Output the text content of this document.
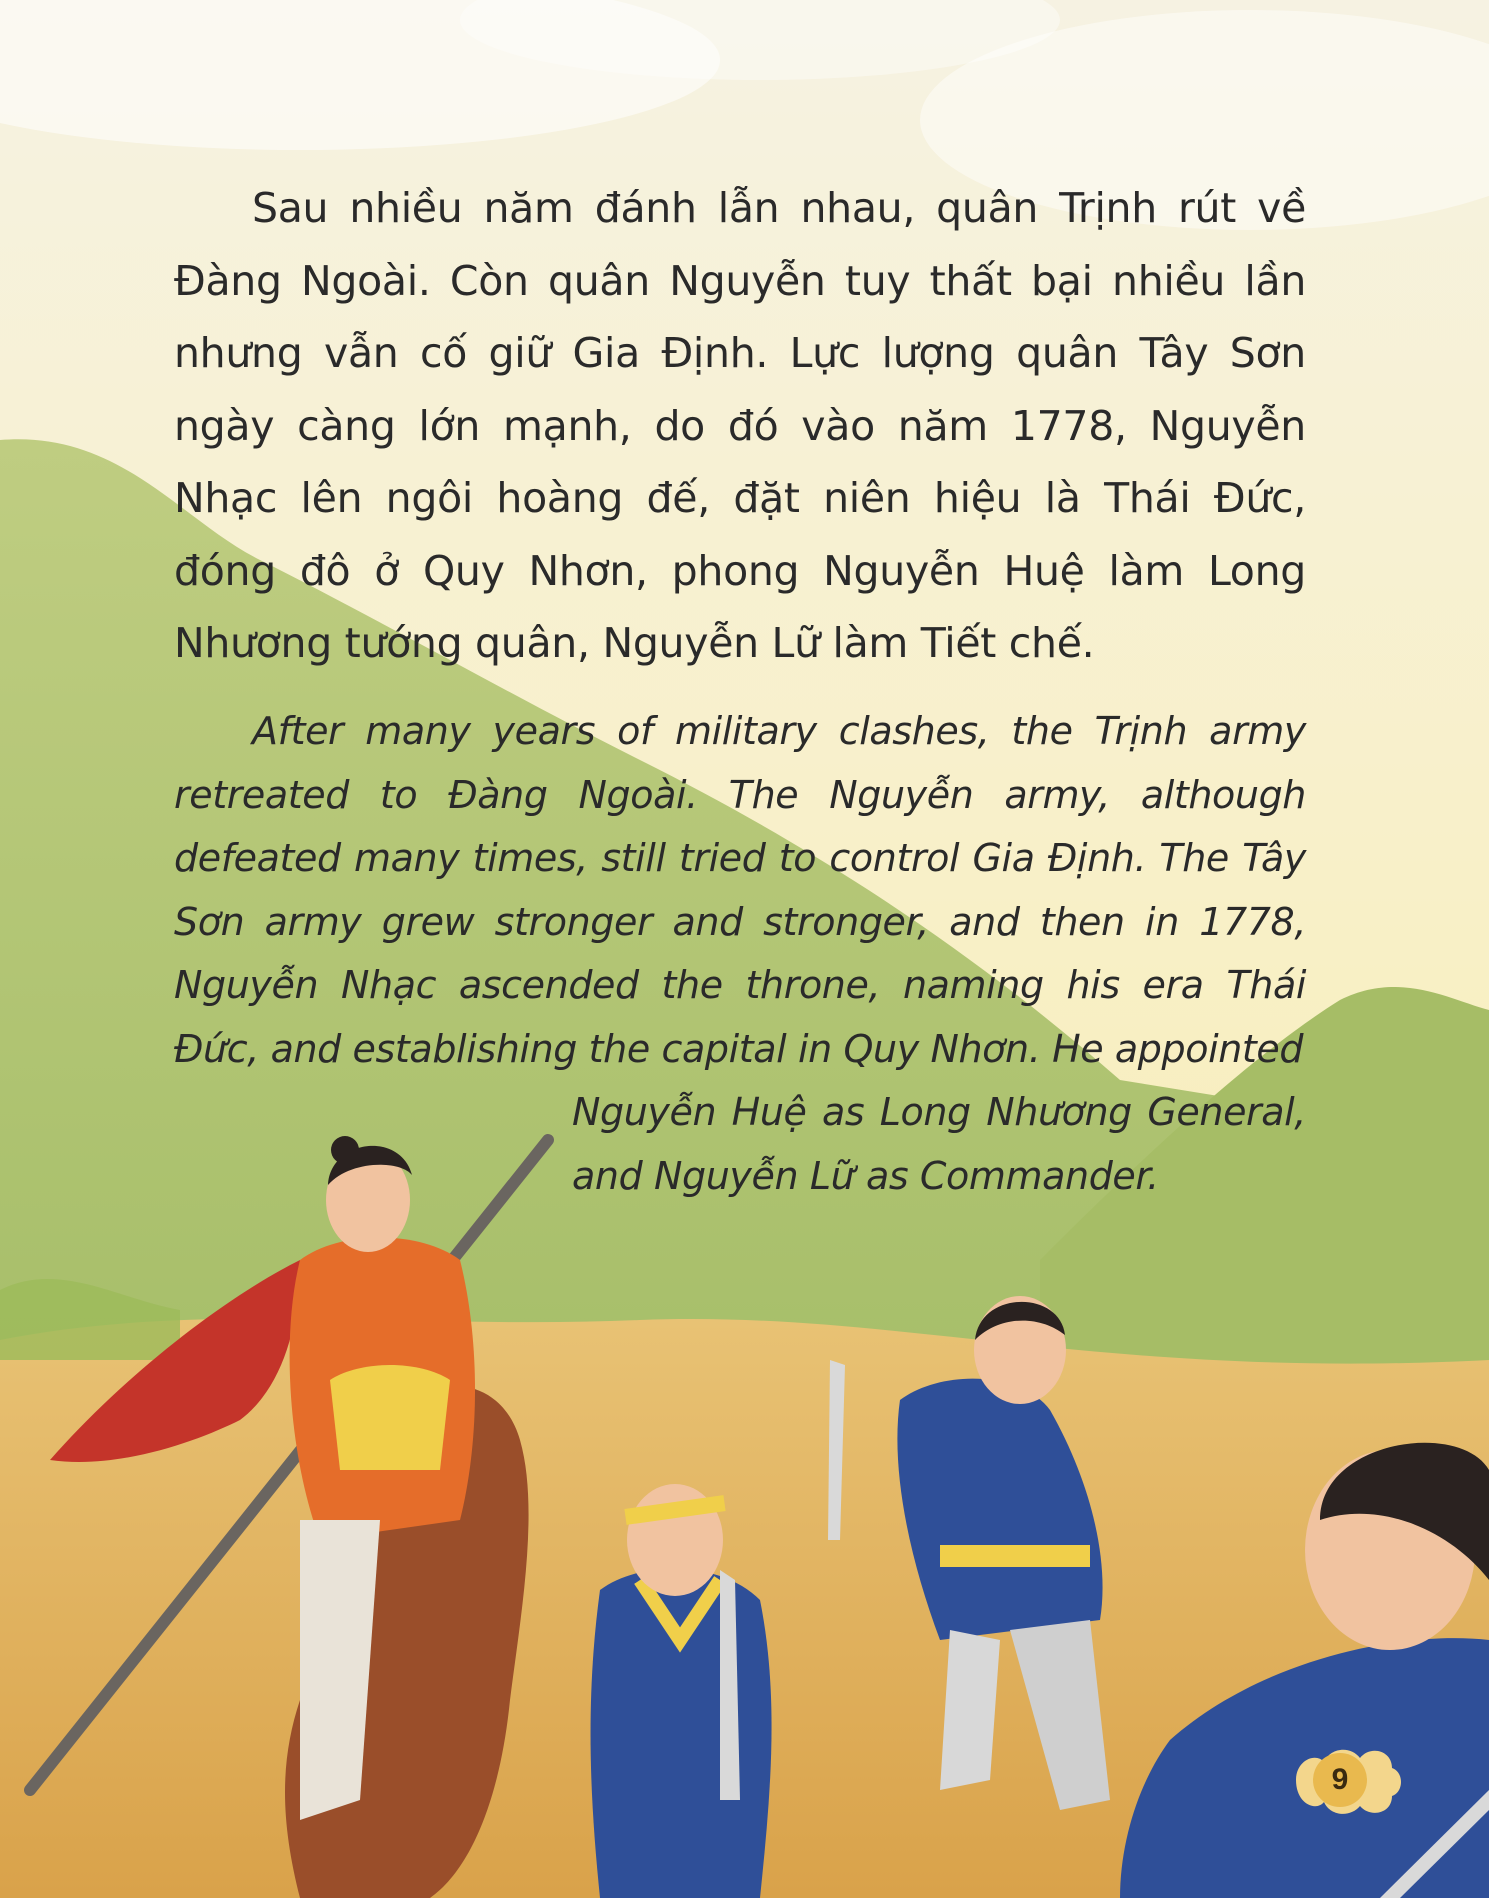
Sau nhiều năm đánh lẫn nhau, quân Trịnh rút về Đàng Ngoài. Còn quân Nguyễn tuy thất bại nhiều lần nhưng vẫn cố giữ Gia Định. Lực lượng quân Tây Sơn ngày càng lớn mạnh, do đó vào năm 1778, Nguyễn Nhạc lên ngôi hoàng đế, đặt niên hiệu là Thái Đức, đóng đô ở Quy Nhơn, phong Nguyễn Huệ làm Long Nhương tướng quân, Nguyễn Lữ làm Tiết chế.

After many years of military clashes, the Trịnh army retreated to Đàng Ngoài. The Nguyễn army, although defeated many times, still tried to control Gia Định. The Tây Sơn army grew stronger and stronger, and then in 1778, Nguyễn Nhạc ascended the throne, naming his era Thái Đức, and establishing the capital in Quy Nhơn. He appointed

Nguyễn Huệ as Long Nhương General, and Nguyễn Lữ as Commander.

9
